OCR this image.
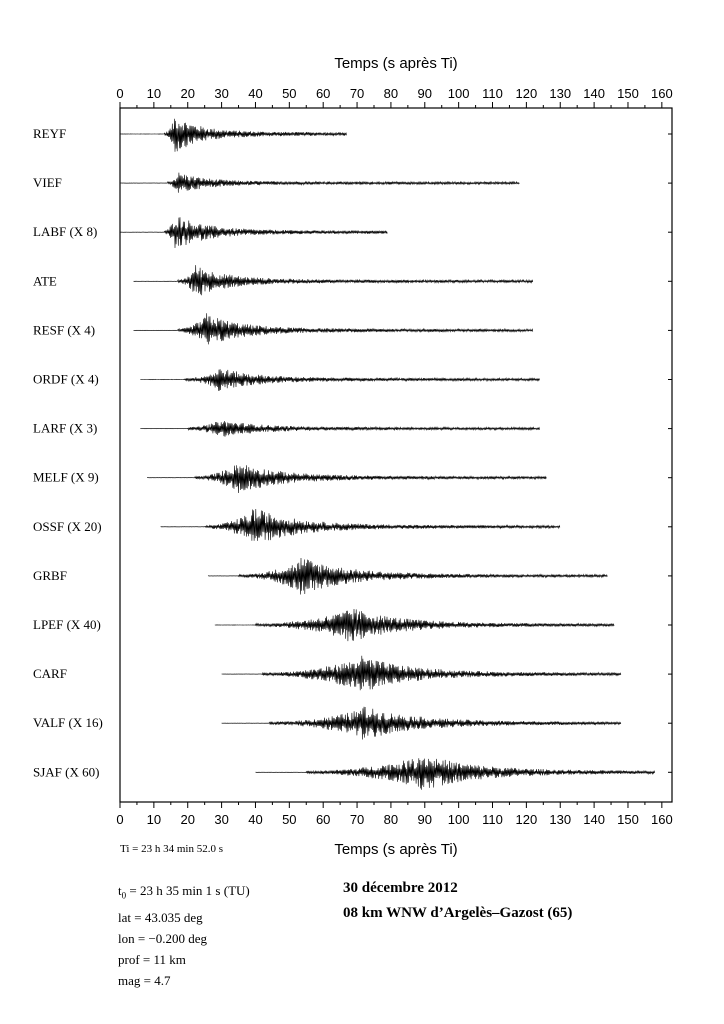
REYF
VIEF
LABF (X 8)
ATE
RESF (X 4)
ORDF (X 4)
LARF (X 3)
MELF (X 9)
OSSF (X 20)
GRBF
LPEF (X 40)
CARF
VALF (X 16)
SJAF (X 60)
0
0
10
10
20
20
30
30
40
40
50
50
60
60
70
70
80
80
90
90
100
100
110
110
120
120
130
130
140
140
150
150
160
160
Temps (s après Ti)
Temps (s après Ti)
Ti = 23 h 34 min 52.0 s
$t_0 = 23$ h 35 min 1 s (TU)
lat = 43.035 deg
lon = −0.200 deg
prof = 11 km
mag = 4.7
30 décembre 2012
08 km WNW d’Argelès–Gazost (65)
